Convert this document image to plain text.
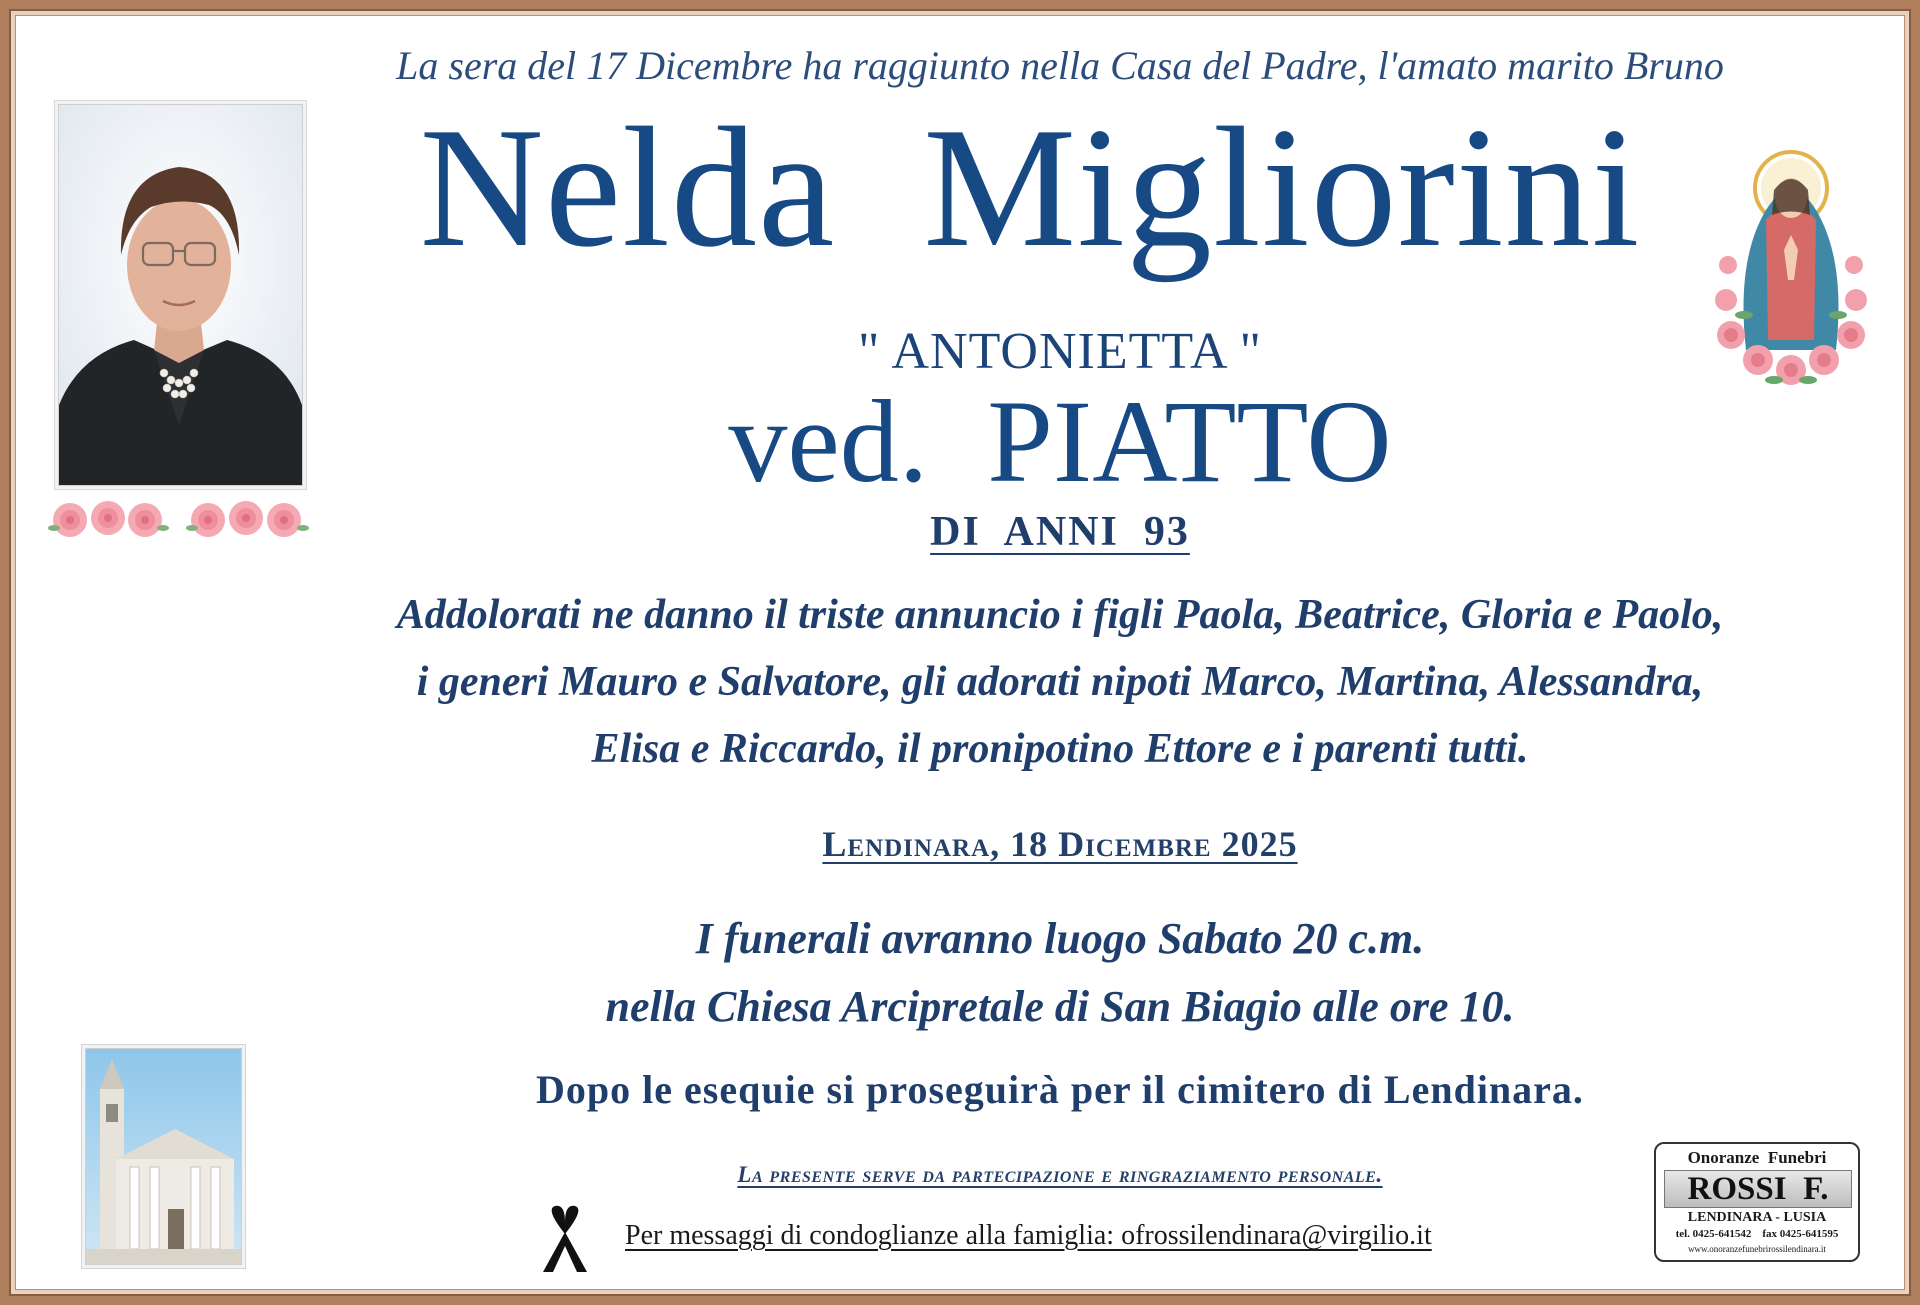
La sera del 17 Dicembre ha raggiunto nella Casa del Padre, l'amato marito Bruno
Nelda  Migliorini
" ANTONIETTA "
ved.  PIATTO
DI  ANNI  93
Addolorati ne danno il triste annuncio i figli Paola, Beatrice, Gloria e Paolo,
i generi Mauro e Salvatore, gli adorati nipoti Marco, Martina, Alessandra,
Elisa e Riccardo, il pronipotino Ettore e i parenti tutti.
Lendinara, 18 Dicembre 2025
I funerali avranno luogo Sabato 20 c.m.
nella Chiesa Arcipretale di San Biagio alle ore 10.
Dopo le esequie si proseguirà per il cimitero di Lendinara.
La presente serve da partecipazione e ringraziamento personale.
Per messaggi di condoglianze alla famiglia: ofrossilendinara@virgilio.it
Onoranze  Funebri
ROSSI  F.
LENDINARA - LUSIA
tel. 0425-641542    fax 0425-641595
www.onoranzefunebrirossilendinara.it
